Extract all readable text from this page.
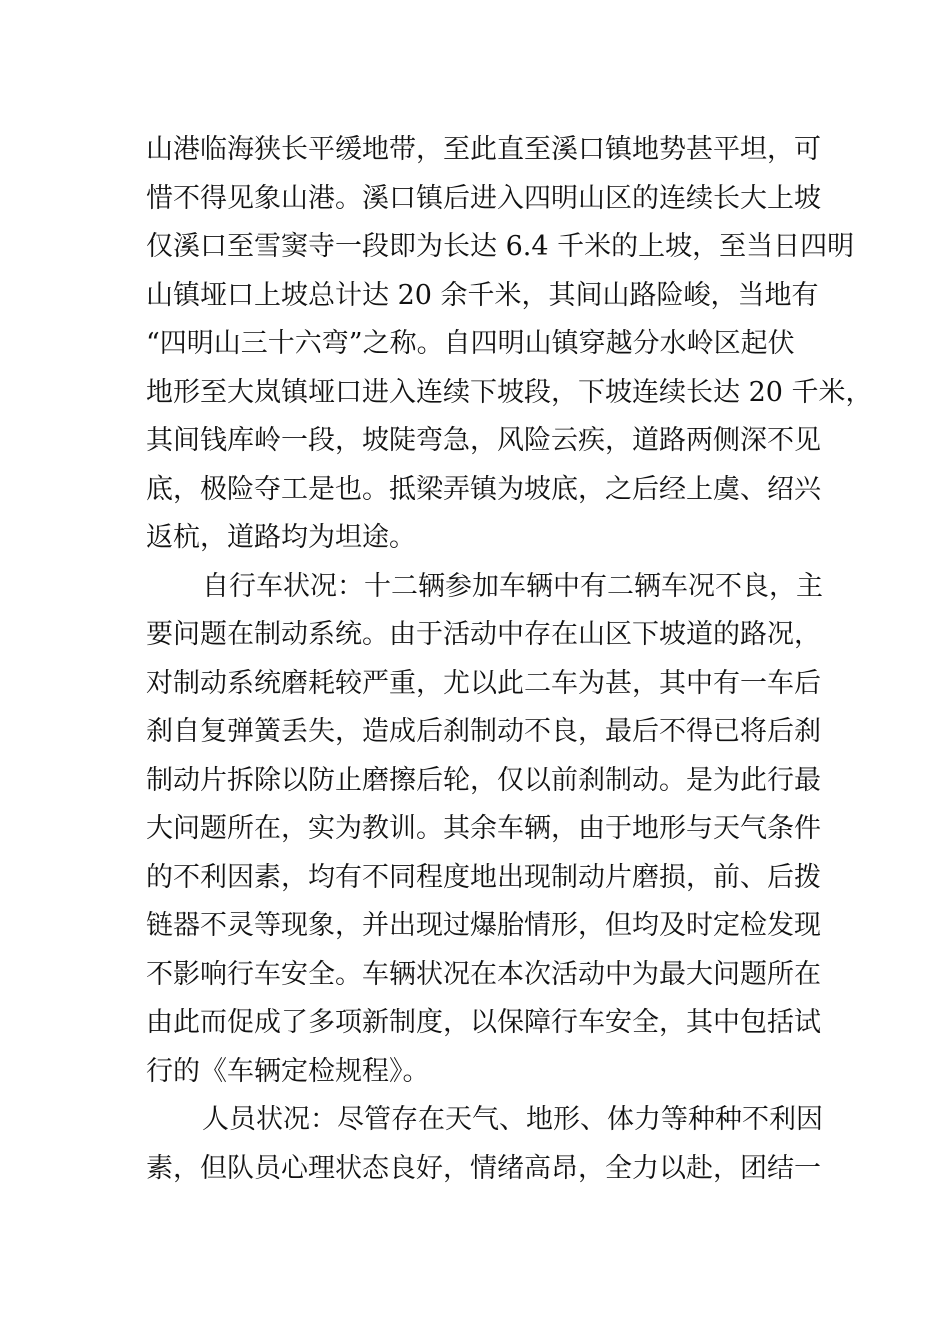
山港临海狭长平缓地带，至此直至溪口镇地势甚平坦，可
惜不得见象山港。溪口镇后进入四明山区的连续长大上坡
仅溪口至雪窦寺一段即为长达 6.4 千米的上坡，至当日四明
山镇垭口上坡总计达 20 余千米，其间山路险峻，当地有
“四明山三十六弯”之称。自四明山镇穿越分水岭区起伏
地形至大岚镇垭口进入连续下坡段，下坡连续长达 20 千米，
其间钱库岭一段，坡陡弯急，风险云疾，道路两侧深不见
底，极险夺工是也。抵梁弄镇为坡底，之后经上虞、绍兴
返杭，道路均为坦途。
自行车状况：十二辆参加车辆中有二辆车况不良，主
要问题在制动系统。由于活动中存在山区下坡道的路况，
对制动系统磨耗较严重，尤以此二车为甚，其中有一车后
刹自复弹簧丢失，造成后刹制动不良，最后不得已将后刹
制动片拆除以防止磨擦后轮，仅以前刹制动。是为此行最
大问题所在，实为教训。其余车辆，由于地形与天气条件
的不利因素，均有不同程度地出现制动片磨损，前、后拨
链器不灵等现象，并出现过爆胎情形，但均及时定检发现
不影响行车安全。车辆状况在本次活动中为最大问题所在
由此而促成了多项新制度，以保障行车安全，其中包括试
行的《车辆定检规程》。
人员状况：尽管存在天气、地形、体力等种种不利因
素，但队员心理状态良好，情绪高昂，全力以赴，团结一
